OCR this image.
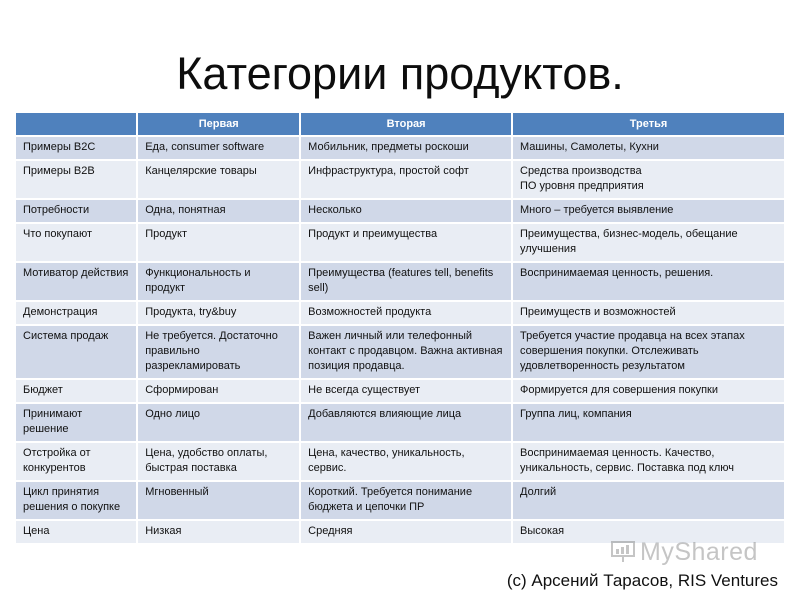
Категории продуктов.
	Первая	Вторая	Третья
Примеры B2C	Еда, consumer software	Мобильник, предметы роскоши	Машины, Самолеты, Кухни
Примеры B2B	Канцелярские товары	Инфраструктура, простой софт	Средства производства
ПО уровня предприятия
Потребности	Одна, понятная	Несколько	Много – требуется выявление
Что покупают	Продукт	Продукт и преимущества	Преимущества, бизнес-модель, обещание улучшения
Мотиватор действия	Функциональность и продукт	Преимущества (features tell, benefits sell)	Воспринимаемая ценность, решения.
Демонстрация	Продукта, try&buy	Возможностей продукта	Преимуществ и возможностей
Система продаж	Не требуется. Достаточно правильно разрекламировать	Важен личный или телефонный контакт с продавцом. Важна активная позиция продавца.	Требуется участие продавца на всех этапах совершения покупки. Отслеживать удовлетворенность результатом
Бюджет	Сформирован	Не всегда существует	Формируется для совершения покупки
Принимают решение	Одно лицо	Добавляются влияющие лица	Группа лиц, компания
Отстройка от конкурентов	Цена, удобство оплаты, быстрая поставка	Цена, качество, уникальность, сервис.	Воспринимаемая ценность. Качество, уникальность, сервис. Поставка под ключ
Цикл принятия решения о покупке	Мгновенный	Короткий. Требуется понимание бюджета и цепочки ПР	Долгий
Цена	Низкая	Средняя	Высокая
MyShared
(с) Арсений Тарасов, RIS Ventures
